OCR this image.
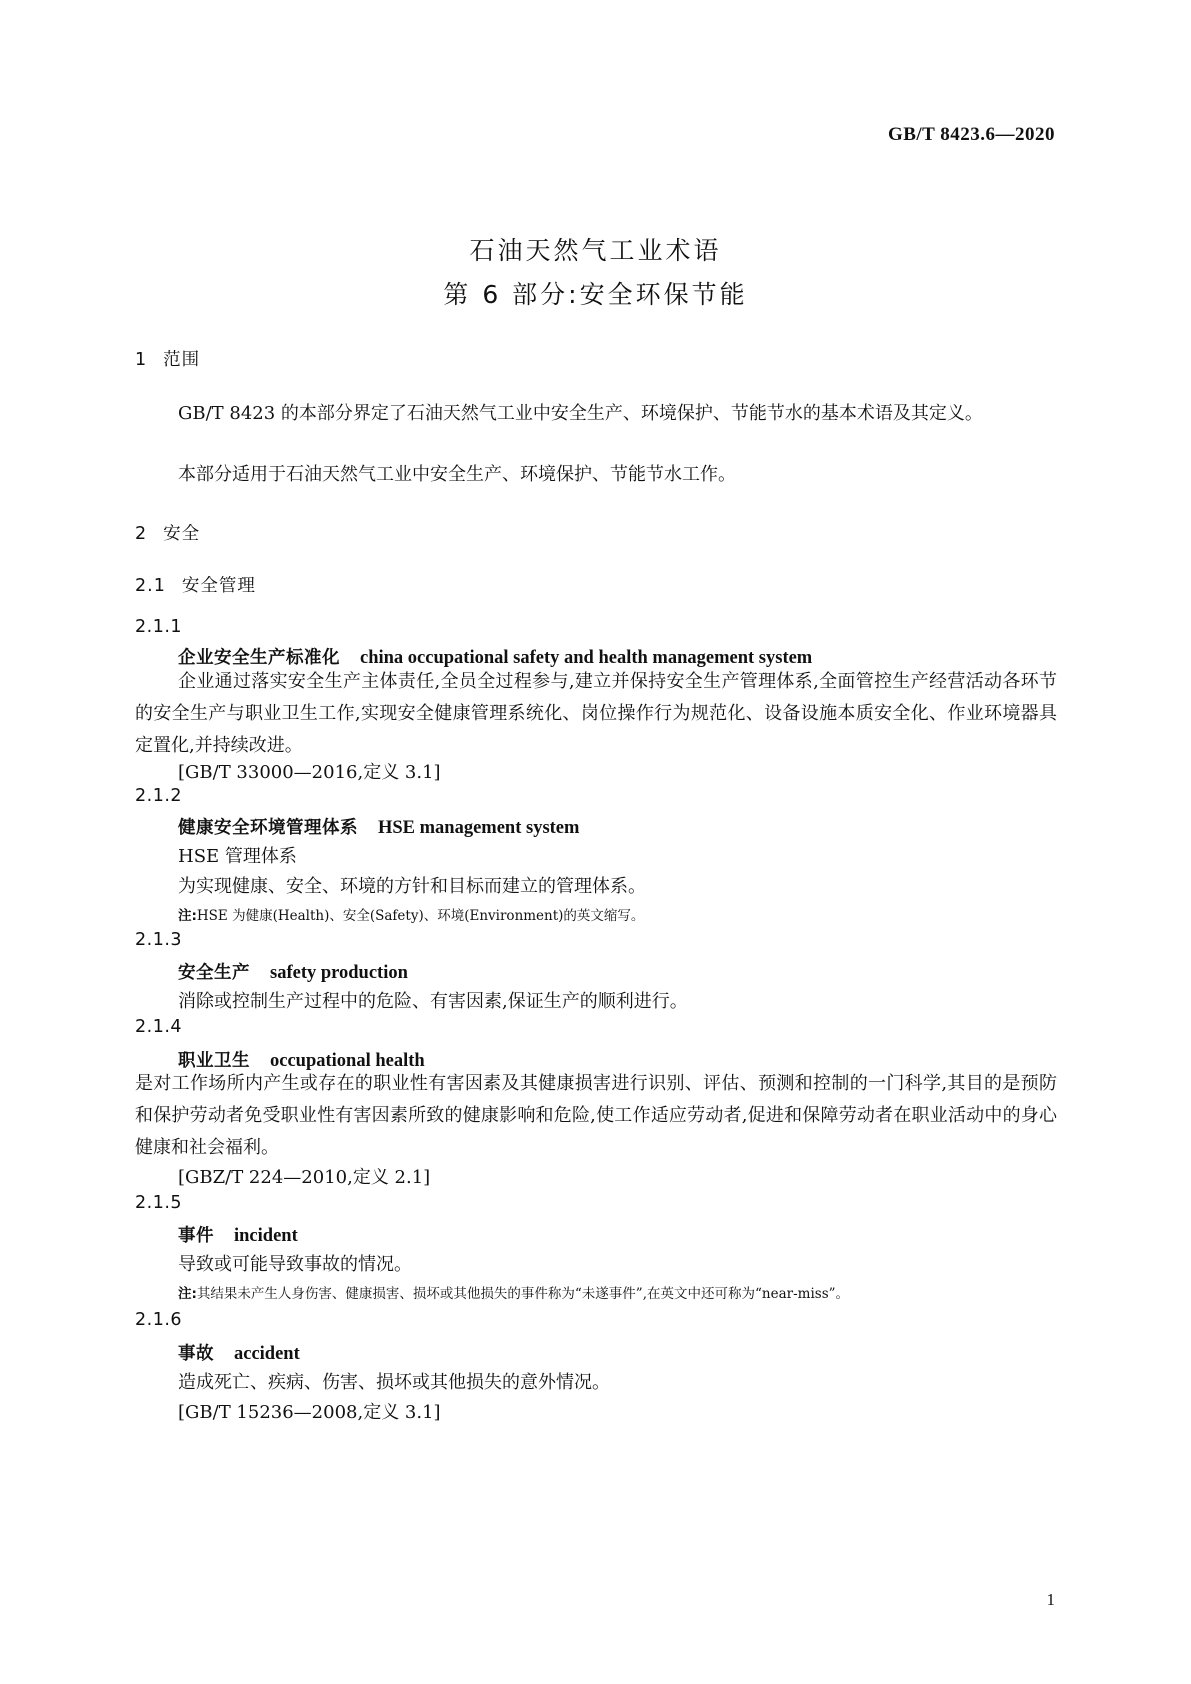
GB/T 8423.6—2020
石油天然气工业术语
第 6 部分:安全环保节能
1 范围
GB/T 8423 的本部分界定了石油天然气工业中安全生产、环境保护、节能节水的基本术语及其定义。
本部分适用于石油天然气工业中安全生产、环境保护、节能节水工作。
2 安全
2.1 安全管理
2.1.1
企业安全生产标准化 china occupational safety and health management system
企业通过落实安全生产主体责任,全员全过程参与,建立并保持安全生产管理体系,全面管控生产经营活动各环节的安全生产与职业卫生工作,实现安全健康管理系统化、岗位操作行为规范化、设备设施本质安全化、作业环境器具定置化,并持续改进。
[GB/T 33000—2016,定义 3.1]
2.1.2
健康安全环境管理体系 HSE management system
HSE 管理体系
为实现健康、安全、环境的方针和目标而建立的管理体系。
注:HSE 为健康(Health)、安全(Safety)、环境(Environment)的英文缩写。
2.1.3
安全生产 safety production
消除或控制生产过程中的危险、有害因素,保证生产的顺利进行。
2.1.4
职业卫生 occupational health
是对工作场所内产生或存在的职业性有害因素及其健康损害进行识别、评估、预测和控制的一门科学,其目的是预防和保护劳动者免受职业性有害因素所致的健康影响和危险,使工作适应劳动者,促进和保障劳动者在职业活动中的身心健康和社会福利。
[GBZ/T 224—2010,定义 2.1]
2.1.5
事件 incident
导致或可能导致事故的情况。
注:其结果未产生人身伤害、健康损害、损坏或其他损失的事件称为“未遂事件”,在英文中还可称为“near-miss”。
2.1.6
事故 accident
造成死亡、疾病、伤害、损坏或其他损失的意外情况。
[GB/T 15236—2008,定义 3.1]
1
